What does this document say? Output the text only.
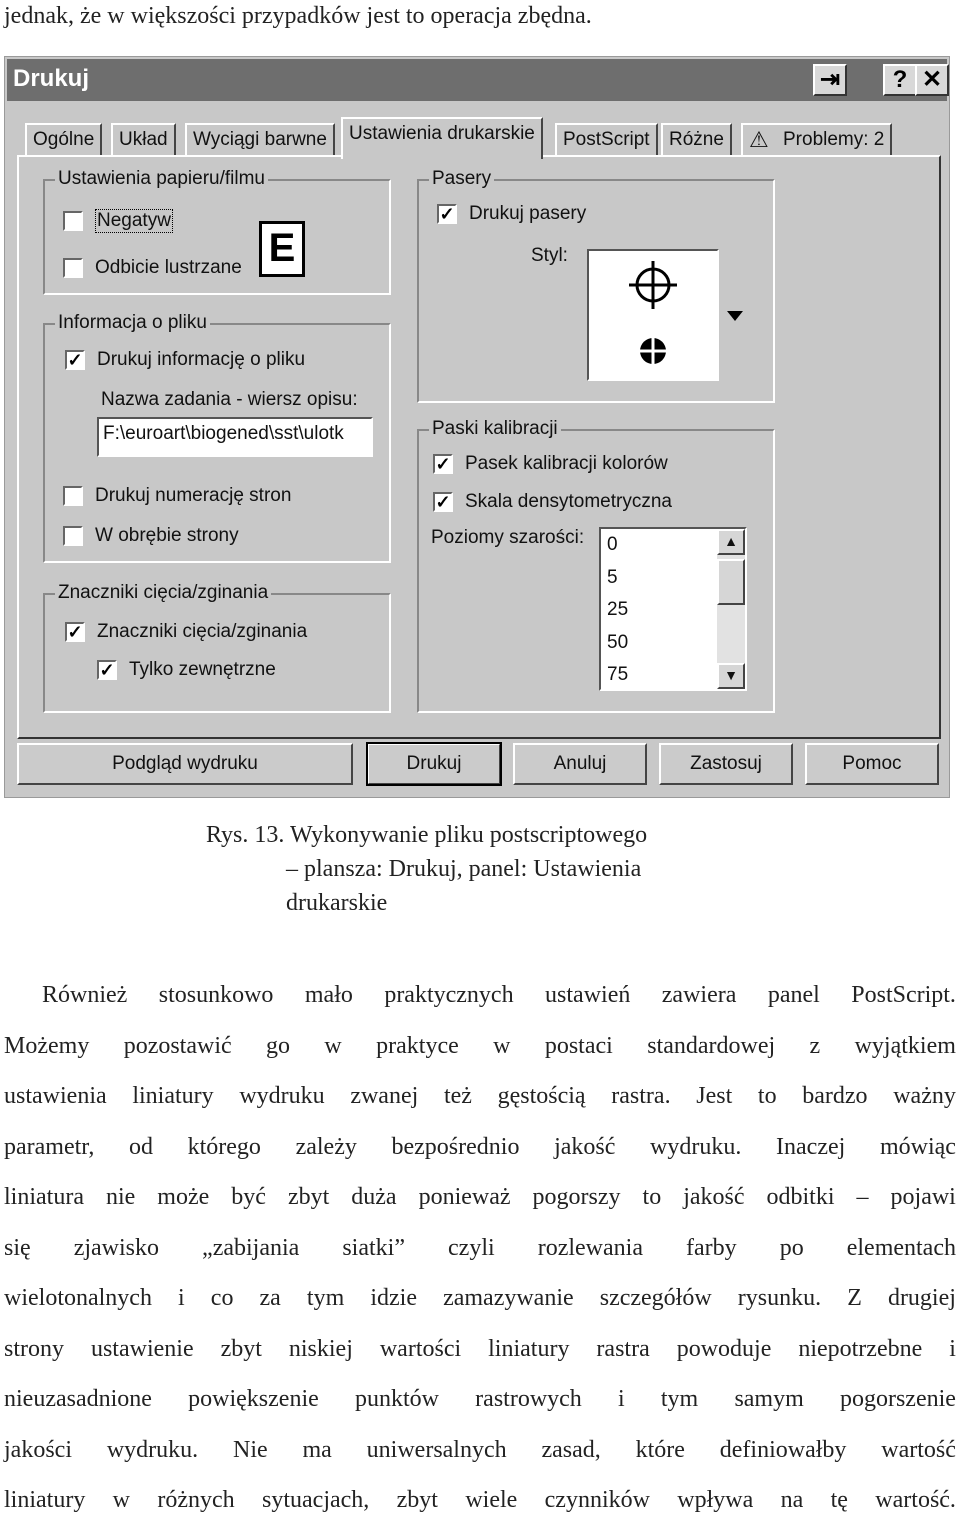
jednak, że w większości przypadków jest to operacja zbędna.
Drukuj	⇥	? ✕
Ogólne	Układ	Wyciągi barwne	Ustawienia drukarskie	PostScript	Różne	⚠ Problemy: 2
Ustawienia papieru/filmu
Negatyw
Odbicie lustrzane E
Informacja o pliku
✓ Drukuj informację o pliku
Nazwa zadania - wiersz opisu:
F:\euroart\biogened\sst\ulotk
Drukuj numerację stron
W obrębie strony
Znaczniki cięcia/zginania
✓ Znaczniki cięcia/zginania
✓ Tylko zewnętrzne
Pasery
✓ Drukuj pasery
Styl:
Paski kalibracji
✓ Pasek kalibracji kolorów
✓ Skala densytometryczna
Poziomy szarości:	0
5
25
50
75
▲
▼
Podgląd wydruku	Drukuj	Anuluj	Zastosuj	Pomoc
Rys. 13. Wykonywanie pliku postscriptowego
– plansza: Drukuj, panel: Ustawienia
drukarskie
Również stosunkowo mało praktycznych ustawień zawiera panel PostScript.
Możemy pozostawić go w praktyce w postaci standardowej z wyjątkiem
ustawienia liniatury wydruku zwanej też gęstością rastra. Jest to bardzo ważny
parametr, od którego zależy bezpośrednio jakość wydruku. Inaczej mówiąc
liniatura nie może być zbyt duża ponieważ pogorszy to jakość odbitki – pojawi
się zjawisko „zabijania siatki” czyli rozlewania farby po elementach
wielotonalnych i co za tym idzie zamazywanie szczegółów rysunku. Z drugiej
strony ustawienie zbyt niskiej wartości liniatury rastra powoduje niepotrzebne i
nieuzasadnione powiększenie punktów rastrowych i tym samym pogorszenie
jakości wydruku. Nie ma uniwersalnych zasad, które definiowałby wartość
liniatury w różnych sytuacjach, zbyt wiele czynników wpływa na tę wartość.
